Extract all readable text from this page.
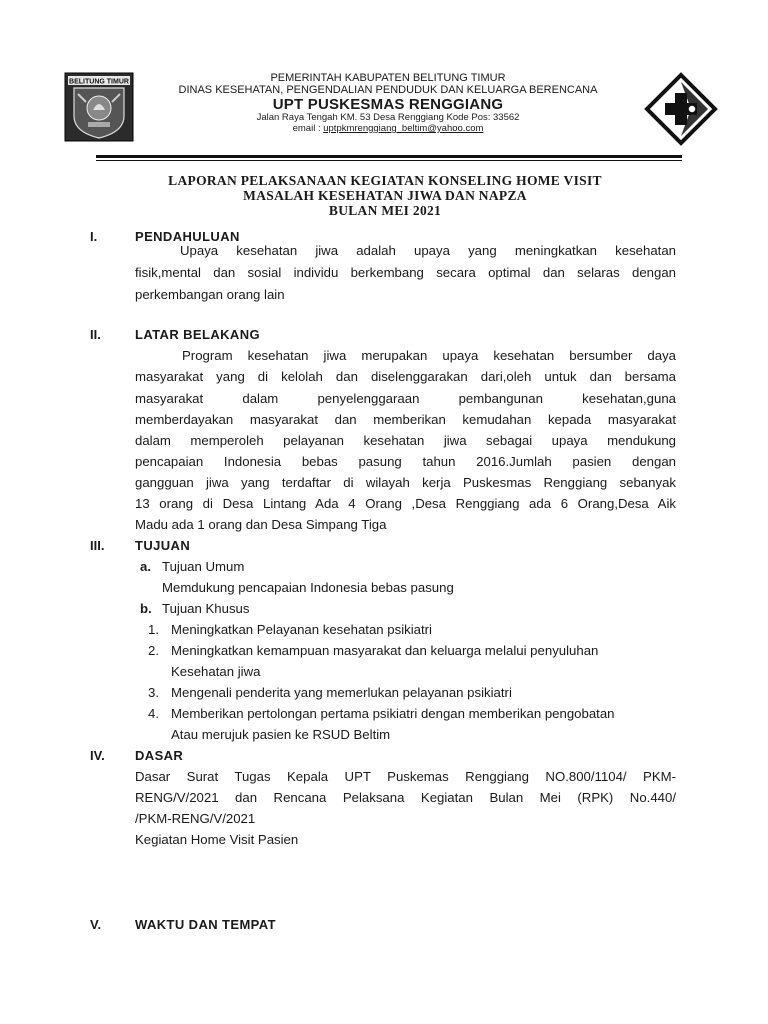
BELITUNG TIMUR	PEMERINTAH KABUPATEN BELITUNG TIMUR
DINAS KESEHATAN, PENGENDALIAN PENDUDUK DAN KELUARGA BERENCANA
UPT PUSKESMAS RENGGIANG
Jalan Raya Tengah KM. 53 Desa Renggiang Kode Pos: 33562
email : uptpkmrenggiang_beltim@yahoo.com
LAPORAN PELAKSANAAN KEGIATAN KONSELING HOME VISIT
MASALAH KESEHATAN JIWA DAN NAPZA
BULAN MEI 2021
I.	PENDAHULUAN
Upaya kesehatan jiwa adalah upaya yang meningkatkan kesehatan
fisik,mental dan sosial individu berkembang secara optimal dan selaras dengan
perkembangan orang lain
II.	LATAR BELAKANG
Program kesehatan jiwa merupakan upaya kesehatan bersumber daya
masyarakat yang di kelolah dan diselenggarakan dari,oleh untuk dan bersama
masyarakat dalam penyelenggaraan pembangunan kesehatan,guna
memberdayakan masyarakat dan memberikan kemudahan kepada masyarakat
dalam memperoleh pelayanan kesehatan jiwa sebagai upaya mendukung
pencapaian Indonesia bebas pasung tahun 2016.Jumlah pasien dengan
gangguan jiwa yang terdaftar di wilayah kerja Puskesmas Renggiang sebanyak
13 orang di Desa Lintang Ada 4 Orang ,Desa Renggiang ada 6 Orang,Desa Aik
Madu ada 1 orang dan Desa Simpang Tiga
III. TUJUAN
a. Tujuan Umum
Memdukung pencapaian Indonesia bebas pasung
b. Tujuan Khusus
1. Meningkatkan Pelayanan kesehatan psikiatri
2. Meningkatkan kemampuan masyarakat dan keluarga melalui penyuluhan
Kesehatan jiwa
3. Mengenali penderita yang memerlukan pelayanan psikiatri
4. Memberikan pertolongan pertama psikiatri dengan memberikan pengobatan
Atau merujuk pasien ke RSUD Beltim
IV. DASAR
Dasar Surat Tugas Kepala UPT Puskemas Renggiang NO.800/1104/ PKM-
RENG/V/2021 dan Rencana Pelaksana Kegiatan Bulan Mei (RPK) No.440/
/PKM-RENG/V/2021
Kegiatan Home Visit Pasien
V.	WAKTU DAN TEMPAT
